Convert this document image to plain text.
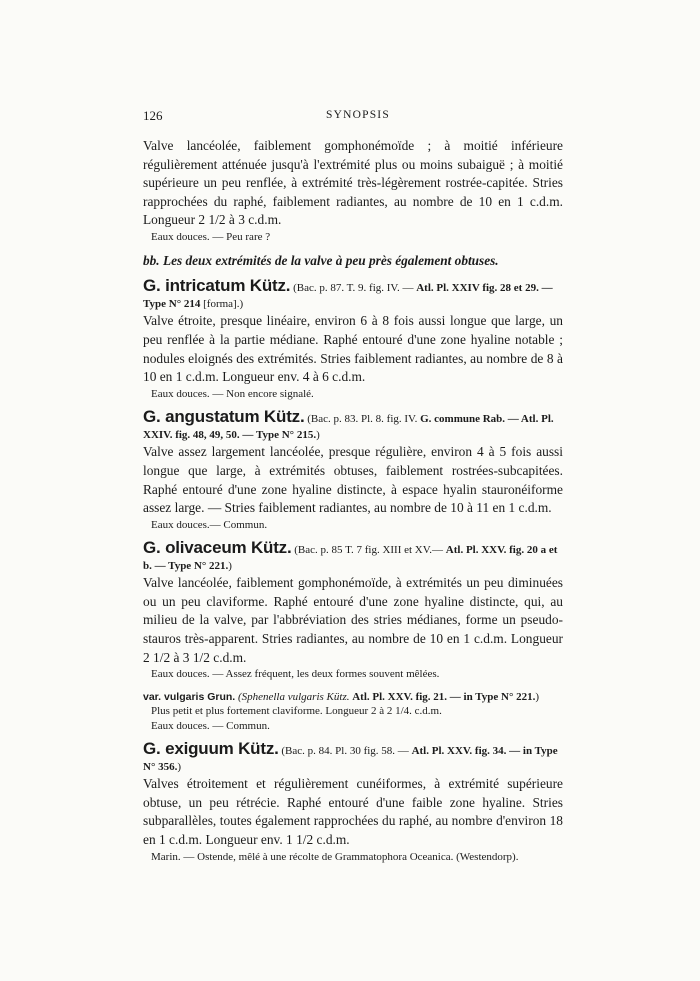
126	SYNOPSIS

Valve lancéolée, faiblement gomphonémoïde ; à moitié inférieure régulièrement atténuée jusqu'à l'extrémité plus ou moins subaiguë ; à moitié supérieure un peu renflée, à extrémité très-légèrement rostrée-capitée. Stries rapprochées du raphé, faiblement radiantes, au nombre de 10 en 1 c.d.m. Longueur 2 1/2 à 3 c.d.m.

Eaux douces. — Peu rare ?

bb. Les deux extrémités de la valve à peu près également obtuses.

G. intricatum Kütz. (Bac. p. 87. T. 9. fig. IV. — Atl. Pl. XXIV fig. 28 et 29. — Type N° 214 [forma].)

Valve étroite, presque linéaire, environ 6 à 8 fois aussi longue que large, un peu renflée à la partie médiane. Raphé entouré d'une zone hyaline notable ; nodules eloignés des extrémités. Stries faiblement radiantes, au nombre de 8 à 10 en 1 c.d.m. Longueur env. 4 à 6 c.d.m.

Eaux douces. — Non encore signalé.

G. angustatum Kütz. (Bac. p. 83. Pl. 8. fig. IV. G. commune Rab. — Atl. Pl. XXIV. fig. 48, 49, 50. — Type N° 215.)

Valve assez largement lancéolée, presque régulière, environ 4 à 5 fois aussi longue que large, à extrémités obtuses, faiblement rostrées-subcapitées. Raphé entouré d'une zone hyaline distincte, à espace hyalin stauronéiforme assez large. — Stries faiblement radiantes, au nombre de 10 à 11 en 1 c.d.m.

Eaux douces.— Commun.

G. olivaceum Kütz. (Bac. p. 85 T. 7 fig. XIII et XV.— Atl. Pl. XXV. fig. 20 a et b. — Type N° 221.)

Valve lancéolée, faiblement gomphonémoïde, à extrémités un peu diminuées ou un peu claviforme. Raphé entouré d'une zone hyaline distincte, qui, au milieu de la valve, par l'abbréviation des stries médianes, forme un pseudo-stauros très-apparent. Stries radiantes, au nombre de 10 en 1 c.d.m. Longueur 2 1/2 à 3 1/2 c.d.m.

Eaux douces. — Assez fréquent, les deux formes souvent mêlées.

var. vulgaris Grun. (Sphenella vulgaris Kütz. Atl. Pl. XXV. fig. 21. — in Type N° 221.)

Plus petit et plus fortement claviforme. Longueur 2 à 2 1/4. c.d.m.

Eaux douces. — Commun.

G. exiguum Kütz. (Bac. p. 84. Pl. 30 fig. 58. — Atl. Pl. XXV. fig. 34. — in Type N° 356.)

Valves étroitement et régulièrement cunéiformes, à extrémité supérieure obtuse, un peu rétrécie. Raphé entouré d'une faible zone hyaline. Stries subparallèles, toutes également rapprochées du raphé, au nombre d'environ 18 en 1 c.d.m. Longueur env. 1 1/2 c.d.m.

Marin. — Ostende, mêlé à une récolte de Grammatophora Oceanica. (Westendorp).
